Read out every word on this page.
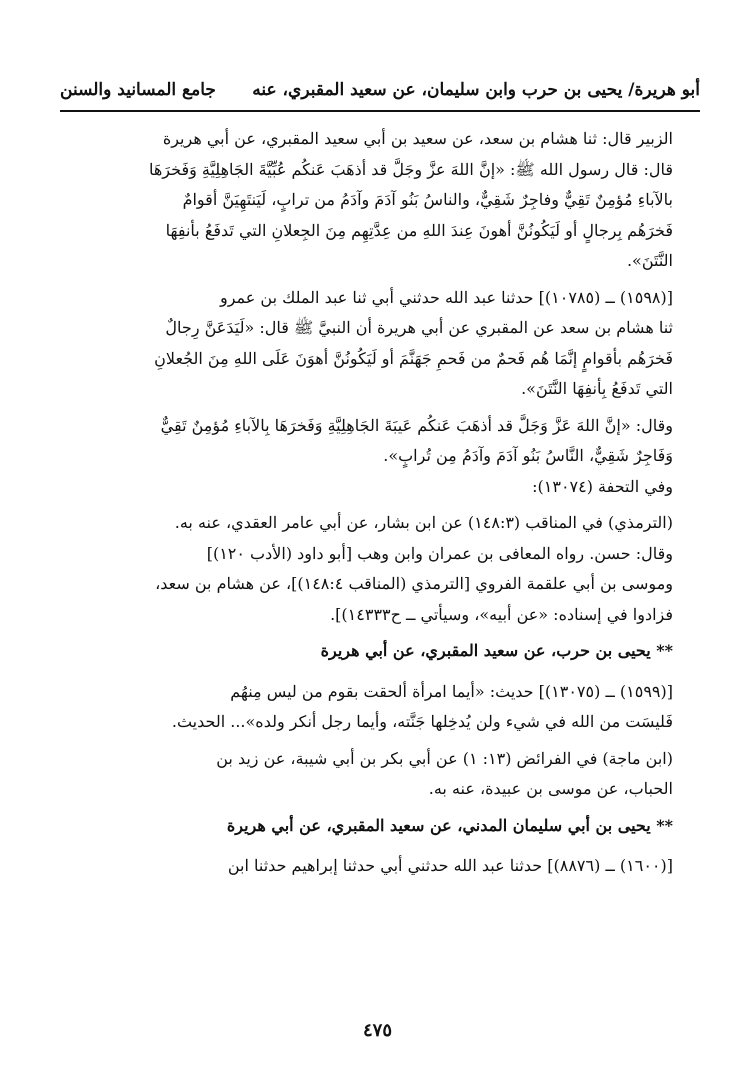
أبو هريرة/ يحيى بن حرب وابن سليمان، عن سعيد المقبري، عنه
جامع المسانيد والسنن
الزبير قال: ثنا هشام بن سعد، عن سعيد بن أبي سعيد المقبري، عن أبي هريرة
قال: قال رسول الله ﷺ: «إنَّ اللهَ عزَّ وجَلَّ قد أذهَبَ عَنكُم عُبِّيَّةَ الجَاهِلِيَّةِ وَفَخرَهَا
بالآباءِ مُؤمِنٌ تَقِيٌّ وفاجِرٌ شَقِيٌّ، والناسُ بَنُو آدَمَ وآدَمُ من ترابٍ، لَيَنتَهِيَنَّ أقوامٌ
فَخرَهُم بِرجالٍ أو لَيَكُونُنَّ أهونَ عِندَ اللهِ من عِدَّتِهِم مِنَ الجِعلانِ التي تَدفَعُ بأنفِهَا
النَّتَنَ».
[(١٥٩٨) ــ (١٠٧٨٥)] حدثنا عبد الله حدثني أبي ثنا عبد الملك بن عمرو
ثنا هشام بن سعد عن المقبري عن أبي هريرة أن النبيَّ ﷺ قال: «لَيَدَعَنَّ رِجالٌ
فَخرَهُم بأقوامٍ إنَّمَا هُم فَحمٌ من فَحمِ جَهَنَّمَ أو لَيَكُونُنَّ أهوَنَ عَلَى اللهِ مِنَ الجُعلانِ
التي تَدفَعُ بِأنفِهَا النَّتَنَ».
وقال: «إنَّ اللهَ عَزَّ وَجَلَّ قد أذهَبَ عَنكُم عَيبَةَ الجَاهِلِيَّةِ وَفَخرَهَا بِالآباءِ مُؤمِنٌ تَقِيٌّ
وَفَاجِرٌ شَقِيٌّ، النَّاسُ بَنُو آدَمَ وآدَمُ مِن تُرابٍ».
وفي التحفة (١٣٠٧٤):
(الترمذي) في المناقب (١٤٨:٣) عن ابن بشار، عن أبي عامر العقدي، عنه به.
وقال: حسن. رواه المعافى بن عمران وابن وهب [أبو داود (الأدب ١٢٠)]
وموسى بن أبي علقمة الفروي [الترمذي (المناقب ١٤٨:٤)]، عن هشام بن سعد،
فزادوا في إسناده: «عن أبيه»، وسيأتي ــ ح١٤٣٣٣)].
** يحيى بن حرب، عن سعيد المقبري، عن أبي هريرة
[(١٥٩٩) ــ (١٣٠٧٥)] حديث: «أيما امرأة ألحقت بقوم من ليس مِنهُم
فَليسَت من الله في شيء ولن يُدخِلها جَنَّته، وأيما رجل أنكر ولده»... الحديث.
(ابن ماجة) في الفرائض (١٣: ١) عن أبي بكر بن أبي شيبة، عن زيد بن
الحباب، عن موسى بن عبيدة، عنه به.
** يحيى بن أبي سليمان المدني، عن سعيد المقبري، عن أبي هريرة
[(١٦٠٠) ــ (٨٨٧٦)] حدثنا عبد الله حدثني أبي حدثنا إبراهيم حدثنا ابن
٤٧٥
